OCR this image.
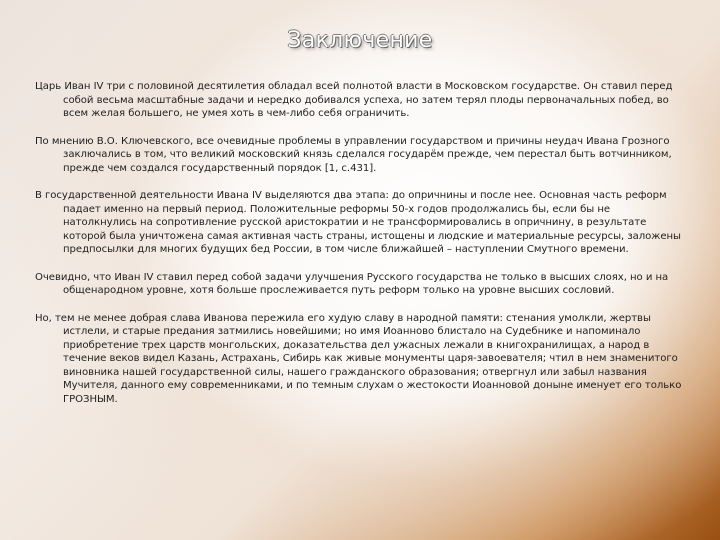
Заключение

Царь Иван IV три с половиной десятилетия обладал всей полнотой власти в Московском государстве. Он ставил перед собой весьма масштабные задачи и нередко добивался успеха, но затем терял плоды первоначальных побед, во всем желая большего, не умея хоть в чем-либо себя ограничить.

По мнению В.О. Ключевского, все очевидные проблемы в управлении государством и причины неудач Ивана Грозного заключались в том, что великий московский князь сделался государём прежде, чем перестал быть вотчинником, прежде чем создался государственный порядок [1, с.431].

В государственной деятельности Ивана IV выделяются два этапа: до опричнины и после нее. Основная часть реформ падает именно на первый период. Положительные реформы 50-х годов продолжались бы, если бы не натолкнулись на сопротивление русской аристократии и не трансформировались в опричнину, в результате которой была уничтожена самая активная часть страны, истощены и людские и материальные ресурсы, заложены предпосылки для многих будущих бед России, в том числе ближайшей – наступлении Смутного времени.

Очевидно, что Иван IV ставил перед собой задачи улучшения Русского государства не только в высших слоях, но и на общенародном уровне, хотя больше прослеживается путь реформ только на уровне высших сословий.

Но, тем не менее добрая слава Иванова пережила его худую славу в народной памяти: стенания умолкли, жертвы истлели, и старые предания затмились новейшими; но имя Иоанново блистало на Судебнике и напоминало приобретение трех царств монгольских, доказательства дел ужасных лежали в книгохранилищах, а народ в течение веков видел Казань, Астрахань, Сибирь как живые монументы царя-завоевателя; чтил в нем знаменитого виновника нашей государственной силы, нашего гражданского образования; отвергнул или забыл названия Мучителя, данного ему современниками, и по темным слухам о жестокости Иоанновой доныне именует его только ГРОЗНЫМ.
